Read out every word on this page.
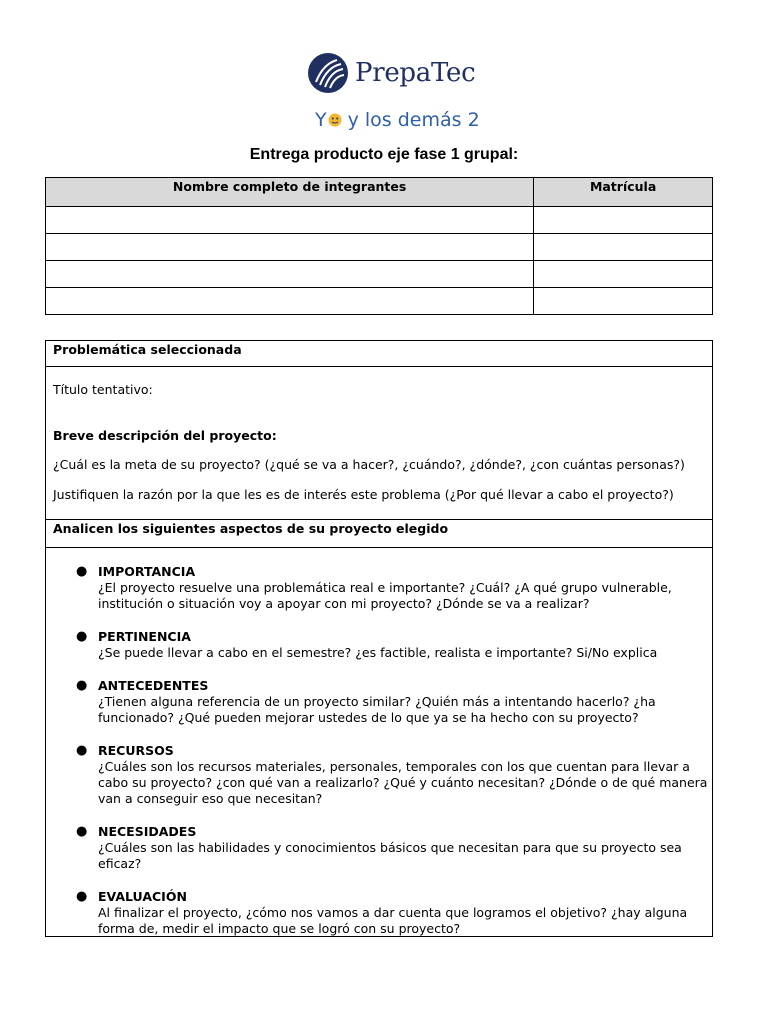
PrepaTec
Y y los demás 2
Entrega producto eje fase 1 grupal:
Nombre completo de integrantes	Matrícula

Problemática seleccionada
Título tentativo:
Breve descripción del proyecto:
¿Cuál es la meta de su proyecto? (¿qué se va a hacer?, ¿cuándo?, ¿dónde?, ¿con cuántas personas?)
Justifiquen la razón por la que les es de interés este problema (¿Por qué llevar a cabo el proyecto?)
Analicen los siguientes aspectos de su proyecto elegido
● IMPORTANCIA
¿El proyecto resuelve una problemática real e importante? ¿Cuál? ¿A qué grupo vulnerable, institución o situación voy a apoyar con mi proyecto? ¿Dónde se va a realizar?
● PERTINENCIA
¿Se puede llevar a cabo en el semestre? ¿es factible, realista e importante? Si/No explica
● ANTECEDENTES
¿Tienen alguna referencia de un proyecto similar? ¿Quién más a intentando hacerlo? ¿ha funcionado? ¿Qué pueden mejorar ustedes de lo que ya se ha hecho con su proyecto?
● RECURSOS
¿Cuáles son los recursos materiales, personales, temporales con los que cuentan para llevar a cabo su proyecto? ¿con qué van a realizarlo? ¿Qué y cuánto necesitan? ¿Dónde o de qué manera van a conseguir eso que necesitan?
● NECESIDADES
¿Cuáles son las habilidades y conocimientos básicos que necesitan para que su proyecto sea eficaz?
● EVALUACIÓN
Al finalizar el proyecto, ¿cómo nos vamos a dar cuenta que logramos el objetivo? ¿hay alguna forma de, medir el impacto que se logró con su proyecto?
